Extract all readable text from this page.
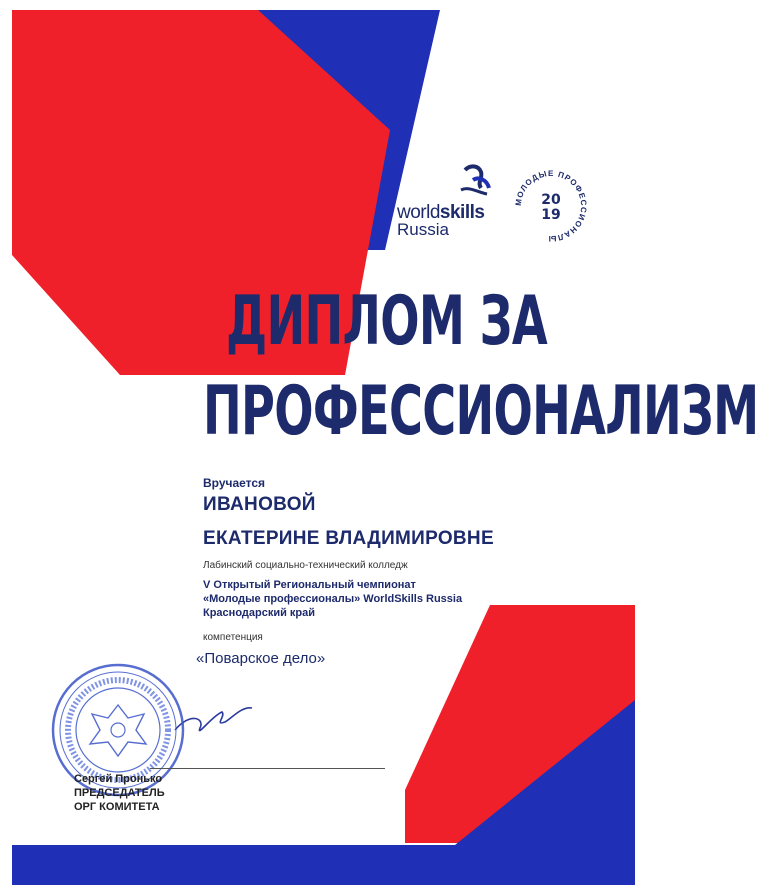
worldskills
Russia
МОЛОДЫЕ ПРОФЕССИОНАЛЫ
20
19
ДИПЛОМ ЗА
ПРОФЕССИОНАЛИЗМ
Вручается
ИВАНОВОЙ
ЕКАТЕРИНЕ ВЛАДИМИРОВНЕ
Лабинский социально-технический колледж
V Открытый Региональный чемпионат
«Молодые профессионалы» WorldSkills Russia
Краснодарский край
компетенция
«Поварское дело»
Сергей Пронько
ПРЕДСЕДАТЕЛЬ
ОРГ КОМИТЕТА
